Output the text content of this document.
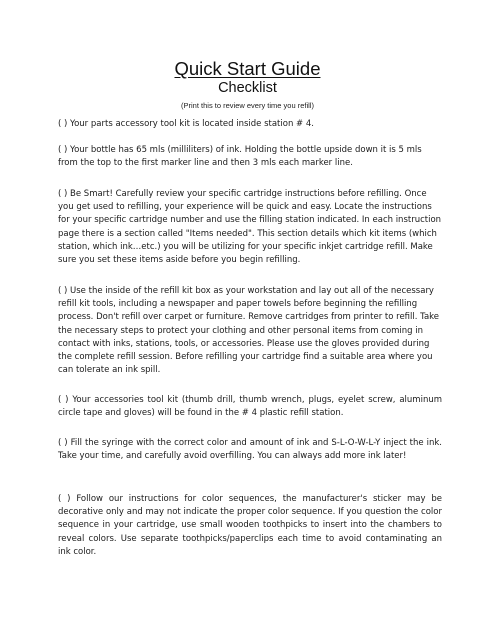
Quick Start Guide
Checklist
(Print this to review every time you refill)

( ) Your parts accessory tool kit is located inside station # 4.

( ) Your bottle has 65 mls (milliliters) of ink. Holding the bottle upside down it is 5 mls from the top to the first marker line and then 3 mls each marker line.

( ) Be Smart! Carefully review your specific cartridge instructions before refilling. Once you get used to refilling, your experience will be quick and easy. Locate the instructions for your specific cartridge number and use the filling station indicated. In each instruction page there is a section called "Items needed". This section details which kit items (which station, which ink…etc.) you will be utilizing for your specific inkjet cartridge refill. Make sure you set these items aside before you begin refilling.

( ) Use the inside of the refill kit box as your workstation and lay out all of the necessary refill kit tools, including a newspaper and paper towels before beginning the refilling process. Don't refill over carpet or furniture. Remove cartridges from printer to refill. Take the necessary steps to protect your clothing and other personal items from coming in contact with inks, stations, tools, or accessories. Please use the gloves provided during the complete refill session. Before refilling your cartridge find a suitable area where you can tolerate an ink spill.

( ) Your accessories tool kit (thumb drill, thumb wrench, plugs, eyelet screw, aluminum circle tape and gloves) will be found in the # 4 plastic refill station.

( ) Fill the syringe with the correct color and amount of ink and S-L-O-W-L-Y inject the ink. Take your time, and carefully avoid overfilling. You can always add more ink later!

( ) Follow our instructions for color sequences, the manufacturer's sticker may be decorative only and may not indicate the proper color sequence. If you question the color sequence in your cartridge, use small wooden toothpicks to insert into the chambers to reveal colors. Use separate toothpicks/paperclips each time to avoid contaminating an ink color.
